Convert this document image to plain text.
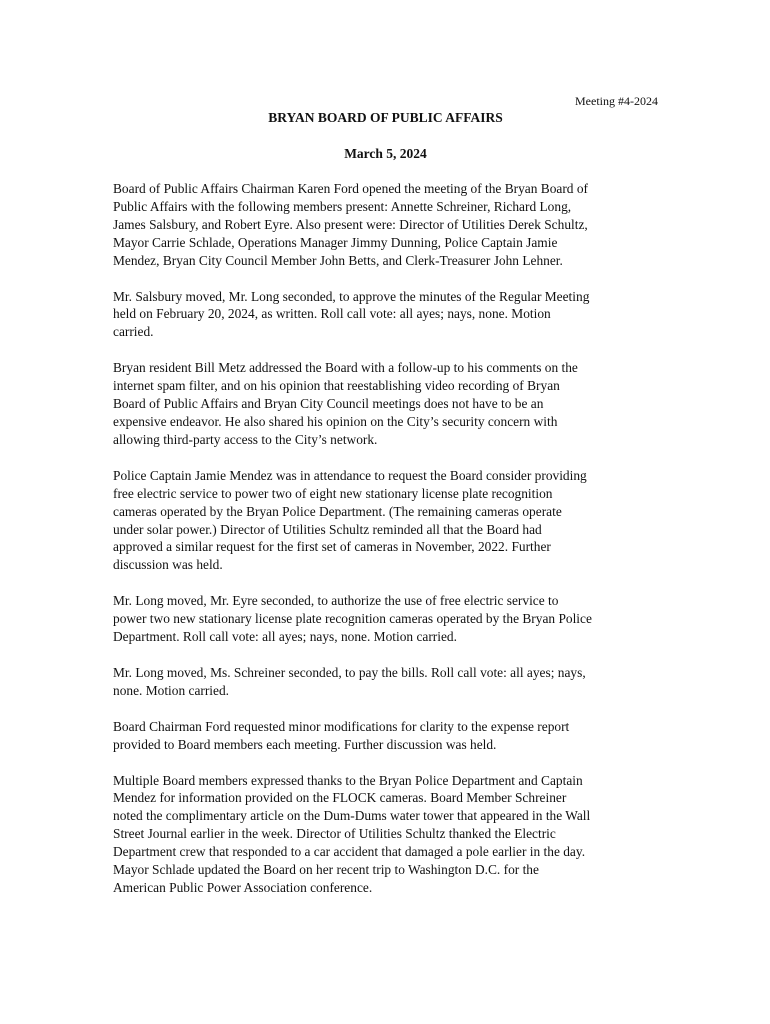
Meeting #4-2024
BRYAN BOARD OF PUBLIC AFFAIRS
March 5, 2024

Board of Public Affairs Chairman Karen Ford opened the meeting of the Bryan Board of
Public Affairs with the following members present: Annette Schreiner, Richard Long,
James Salsbury, and Robert Eyre. Also present were: Director of Utilities Derek Schultz,
Mayor Carrie Schlade, Operations Manager Jimmy Dunning, Police Captain Jamie
Mendez, Bryan City Council Member John Betts, and Clerk-Treasurer John Lehner.

Mr. Salsbury moved, Mr. Long seconded, to approve the minutes of the Regular Meeting
held on February 20, 2024, as written. Roll call vote: all ayes; nays, none. Motion
carried.

Bryan resident Bill Metz addressed the Board with a follow-up to his comments on the
internet spam filter, and on his opinion that reestablishing video recording of Bryan
Board of Public Affairs and Bryan City Council meetings does not have to be an
expensive endeavor. He also shared his opinion on the City’s security concern with
allowing third-party access to the City’s network.

Police Captain Jamie Mendez was in attendance to request the Board consider providing
free electric service to power two of eight new stationary license plate recognition
cameras operated by the Bryan Police Department. (The remaining cameras operate
under solar power.) Director of Utilities Schultz reminded all that the Board had
approved a similar request for the first set of cameras in November, 2022. Further
discussion was held.

Mr. Long moved, Mr. Eyre seconded, to authorize the use of free electric service to
power two new stationary license plate recognition cameras operated by the Bryan Police
Department. Roll call vote: all ayes; nays, none. Motion carried.

Mr. Long moved, Ms. Schreiner seconded, to pay the bills. Roll call vote: all ayes; nays,
none. Motion carried.

Board Chairman Ford requested minor modifications for clarity to the expense report
provided to Board members each meeting. Further discussion was held.

Multiple Board members expressed thanks to the Bryan Police Department and Captain
Mendez for information provided on the FLOCK cameras. Board Member Schreiner
noted the complimentary article on the Dum-Dums water tower that appeared in the Wall
Street Journal earlier in the week. Director of Utilities Schultz thanked the Electric
Department crew that responded to a car accident that damaged a pole earlier in the day.
Mayor Schlade updated the Board on her recent trip to Washington D.C. for the
American Public Power Association conference.
